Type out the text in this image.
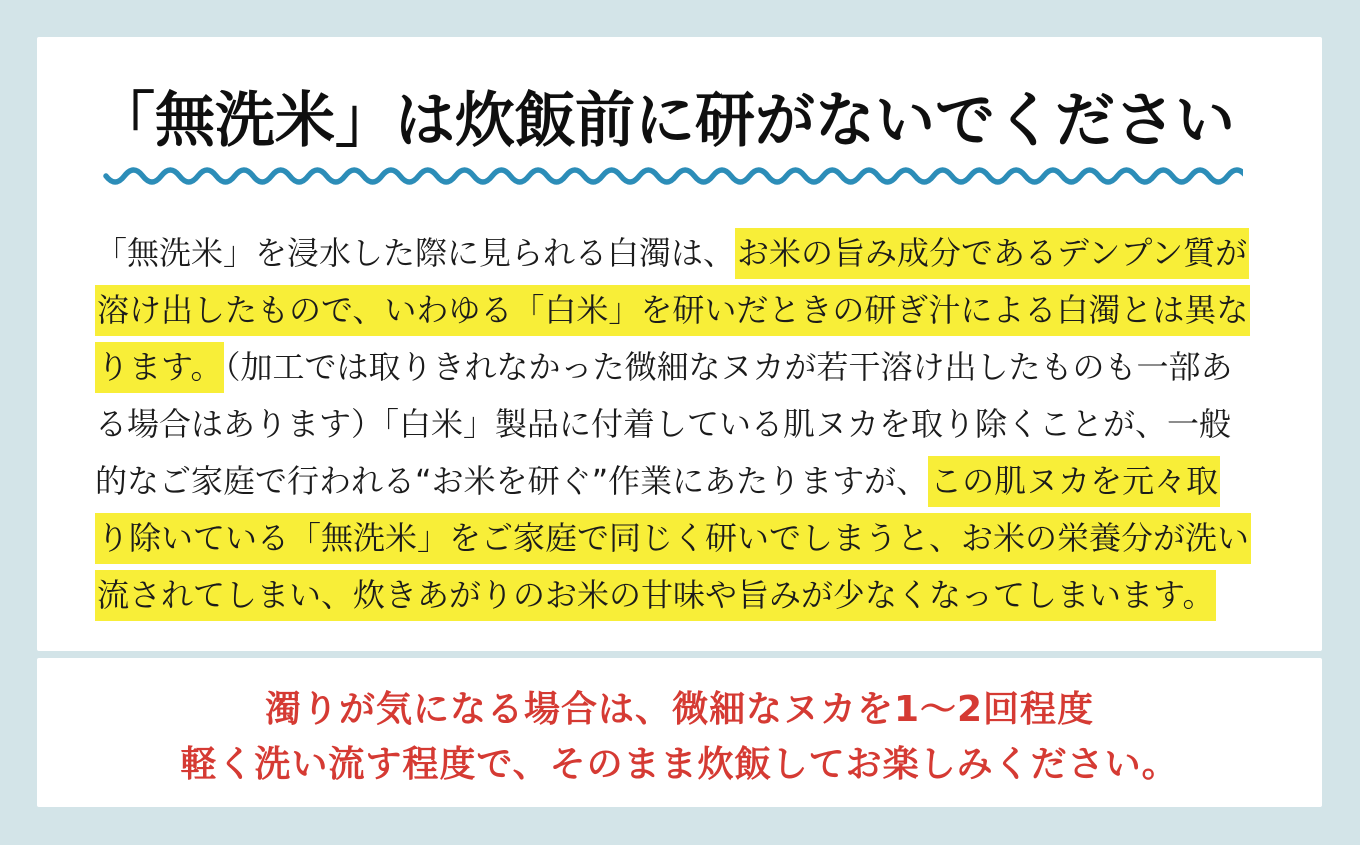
「無洗米」は炊飯前に研がないでください
「無洗米」を浸水した際に見られる白濁は、お米の旨み成分であるデンプン質が
溶け出したもので、いわゆる「白米」を研いだときの研ぎ汁による白濁とは異な
ります。（加工では取りきれなかった微細なヌカが若干溶け出したものも一部あ
る場合はあります）「白米」製品に付着している肌ヌカを取り除くことが、一般
的なご家庭で行われる“お米を研ぐ”作業にあたりますが、この肌ヌカを元々取
り除いている「無洗米」をご家庭で同じく研いでしまうと、お米の栄養分が洗い
流されてしまい、炊きあがりのお米の甘味や旨みが少なくなってしまいます。
濁りが気になる場合は、微細なヌカを1〜2回程度
軽く洗い流す程度で、そのまま炊飯してお楽しみください。
